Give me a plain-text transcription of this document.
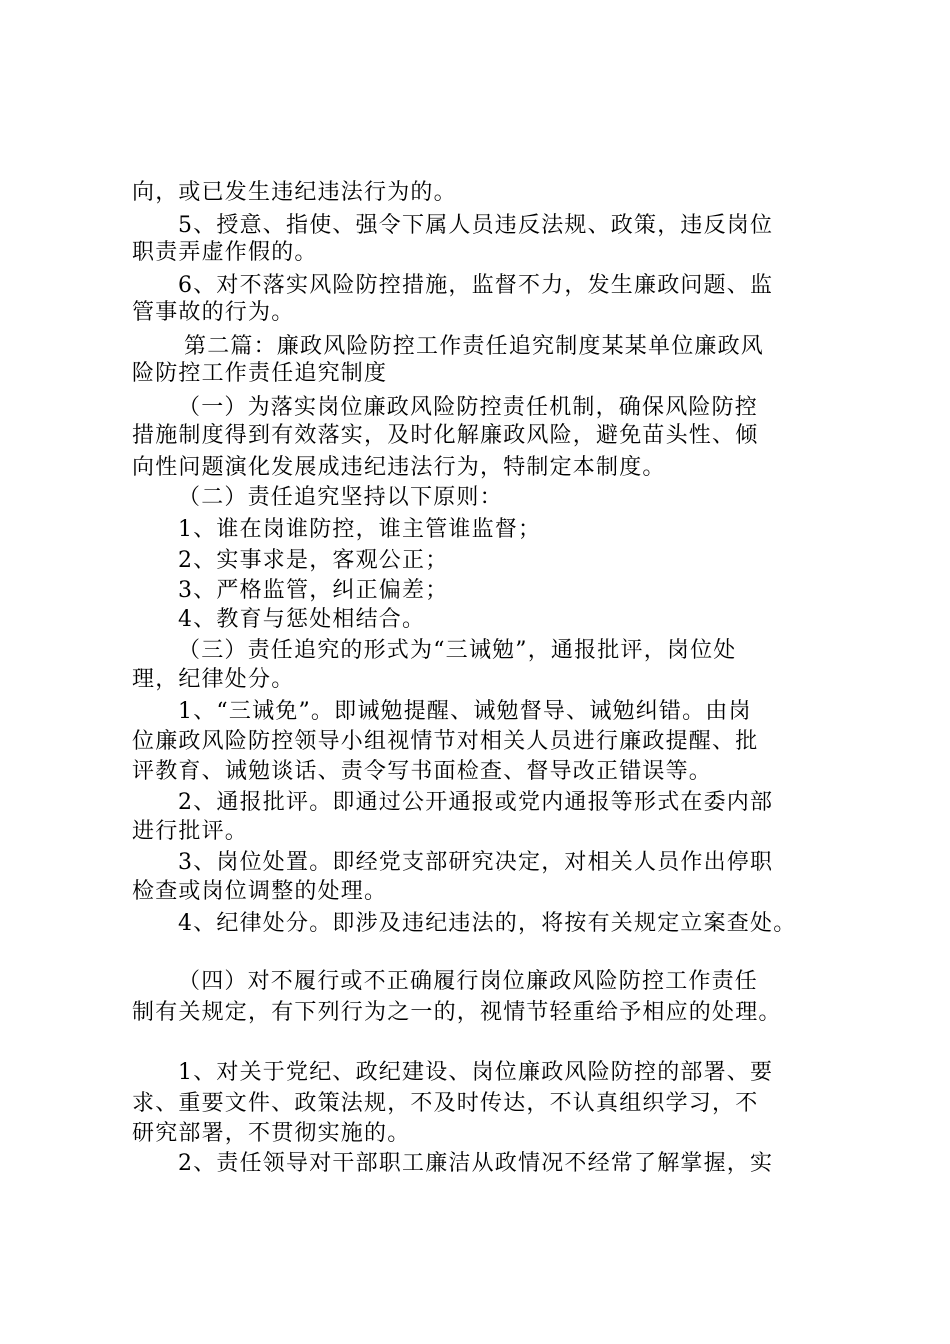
向，或已发生违纪违法行为的。
5、授意、指使、强令下属人员违反法规、政策，违反岗位
职责弄虚作假的。
6、对不落实风险防控措施，监督不力，发生廉政问题、监
管事故的行为。
第二篇：廉政风险防控工作责任追究制度某某单位廉政风
险防控工作责任追究制度
（一）为落实岗位廉政风险防控责任机制，确保风险防控
措施制度得到有效落实，及时化解廉政风险，避免苗头性、倾
向性问题演化发展成违纪违法行为，特制定本制度。
（二）责任追究坚持以下原则：
1、谁在岗谁防控，谁主管谁监督；
2、实事求是，客观公正；
3、严格监管，纠正偏差；
4、教育与惩处相结合。
（三）责任追究的形式为“三诫勉”，通报批评，岗位处
理，纪律处分。
1、“三诫免”。即诫勉提醒、诫勉督导、诫勉纠错。由岗
位廉政风险防控领导小组视情节对相关人员进行廉政提醒、批
评教育、诫勉谈话、责令写书面检查、督导改正错误等。
2、通报批评。即通过公开通报或党内通报等形式在委内部
进行批评。
3、岗位处置。即经党支部研究决定，对相关人员作出停职
检查或岗位调整的处理。
4、纪律处分。即涉及违纪违法的，将按有关规定立案查处。
（四）对不履行或不正确履行岗位廉政风险防控工作责任
制有关规定，有下列行为之一的，视情节轻重给予相应的处理。
1、对关于党纪、政纪建设、岗位廉政风险防控的部署、要
求、重要文件、政策法规，不及时传达，不认真组织学习，不
研究部署，不贯彻实施的。
2、责任领导对干部职工廉洁从政情况不经常了解掌握，实
